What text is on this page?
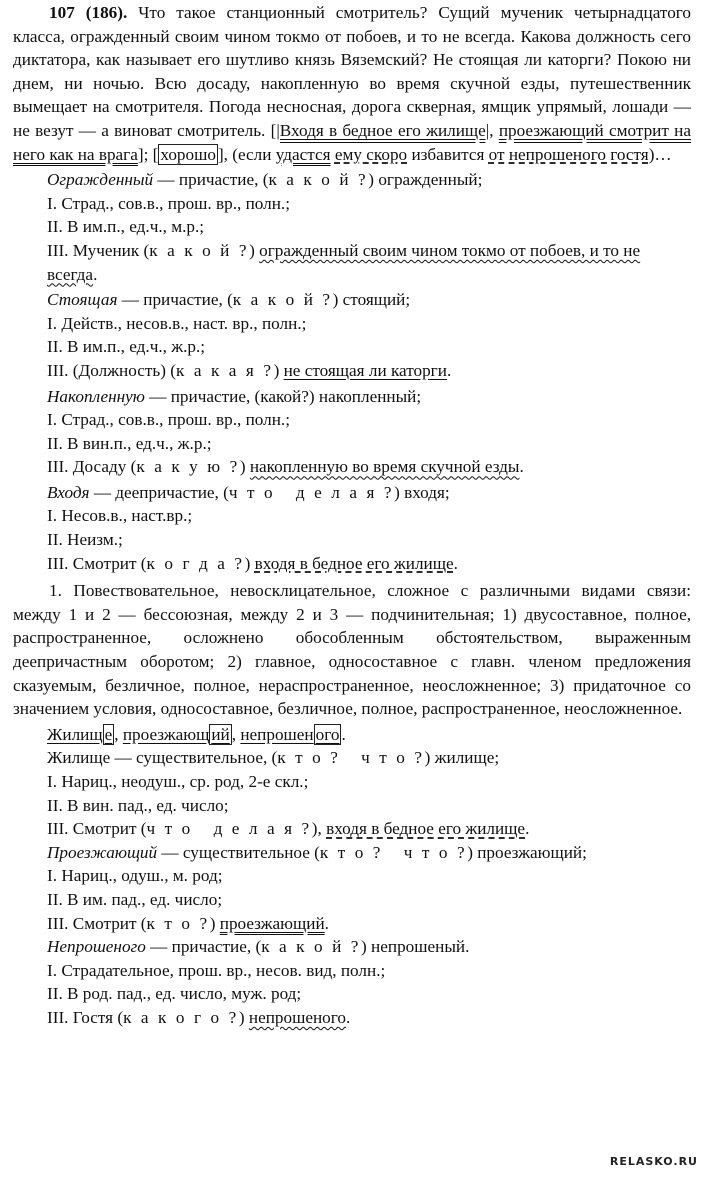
107 (186). Что такое станционный смотритель? Сущий мученик четырнадцатого класса, огражденный своим чином токмо от побоев, и то не всегда. Какова должность сего диктатора, как называет его шутливо князь Вяземский? Не стоящая ли каторги? Покою ни днем, ни ночью. Всю досаду, накопленную во время скучной езды, путешественник вымещает на смотрителя. Погода несносная, дорога скверная, ямщик упрямый, лошади — не везут — а виноват смотритель. [|Входя в бедное его жилище|, проезжающий смотрит на него как на врага]; [ хорошо ], (если удастся ему скоро избавится от непрошеного гостя)…

Огражденный — причастие, (к а к о й ?) огражденный;

I. Страд., сов.в., прош. вр., полн.;

II. В им.п., ед.ч., м.р.;

III. Мученик (к а к о й ?) огражденный своим чином токмо от побоев, и то не всегда.

Стоящая — причастие, (к а к о й ?) стоящий;

I. Действ., несов.в., наст. вр., полн.;

II. В им.п., ед.ч., ж.р.;

III. (Должность) (к а к а я ?) не стоящая ли каторги.

Накопленную — причастие, (какой?) накопленный;

I. Страд., сов.в., прош. вр., полн.;

II. В вин.п., ед.ч., ж.р.;

III. Досаду (к а к у ю ?) накопленную во время скучной езды.

Входя — деепричастие, (ч т о   д е л а я ?) входя;

I. Несов.в., наст.вр.;

II. Неизм.;

III. Смотрит (к о г д а ?) входя в бедное его жилище.

1. Повествовательное, невосклицательное, сложное с различными видами связи: между 1 и 2 — бессоюзная, между 2 и 3 — подчинительная; 1) двусоставное, полное, распространенное, осложнено обособленным обстоятельством, выраженным деепричастным оборотом; 2) главное, односоставное с главн. членом предложения сказуемым, безличное, полное, нераспространенное, неосложненное; 3) придаточное со значением условия, односоставное, безличное, полное, распространенное, неосложненное.

Жилищ е , проезжающ ий , непрошен ого .

Жилище — существительное, (к т о ?   ч т о ?) жилище;

I. Нариц., неодуш., ср. род, 2-е скл.;

II. В вин. пад., ед. число;

III. Смотрит (ч т о   д е л а я ?), входя в бедное его жилище.

Проезжающий — существительное (к т о ?   ч т о ?) проезжающий;

I. Нариц., одуш., м. род;

II. В им. пад., ед. число;

III. Смотрит (к т о ?) проезжающий.

Непрошеного — причастие, (к а к о й ?) непрошеный.

I. Страдательное, прош. вр., несов. вид, полн.;

II. В род. пад., ед. число, муж. род;

III. Гостя (к а к о г о ?) непрошеного.

RELASKO.RU
